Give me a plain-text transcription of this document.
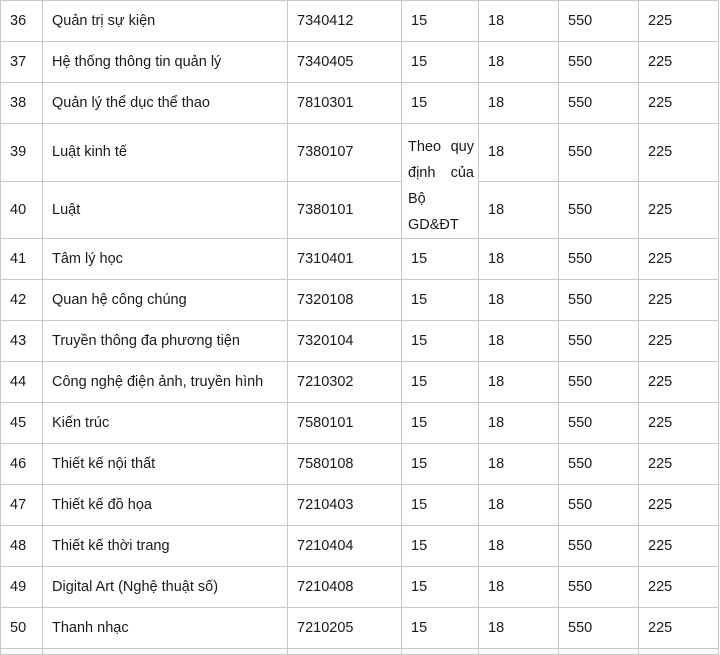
36	Quản trị sự kiện	7340412	15	18	550	225
37	Hệ thống thông tin quản lý	7340405	15	18	550	225
38	Quản lý thể dục thể thao	7810301	15	18	550	225
39	Luật kinh tế	7380107	Theo quy
định của
Bộ GD&ĐT	18	550	225
40	Luật	7380101		18	550	225
41	Tâm lý học	7310401	15	18	550	225
42	Quan hệ công chúng	7320108	15	18	550	225
43	Truyền thông đa phương tiện	7320104	15	18	550	225
44	Công nghệ điện ảnh, truyền hình	7210302	15	18	550	225
45	Kiến trúc	7580101	15	18	550	225
46	Thiết kế nội thất	7580108	15	18	550	225
47	Thiết kế đồ họa	7210403	15	18	550	225
48	Thiết kế thời trang	7210404	15	18	550	225
49	Digital Art (Nghệ thuật số)	7210408	15	18	550	225
50	Thanh nhạc	7210205	15	18	550	225
